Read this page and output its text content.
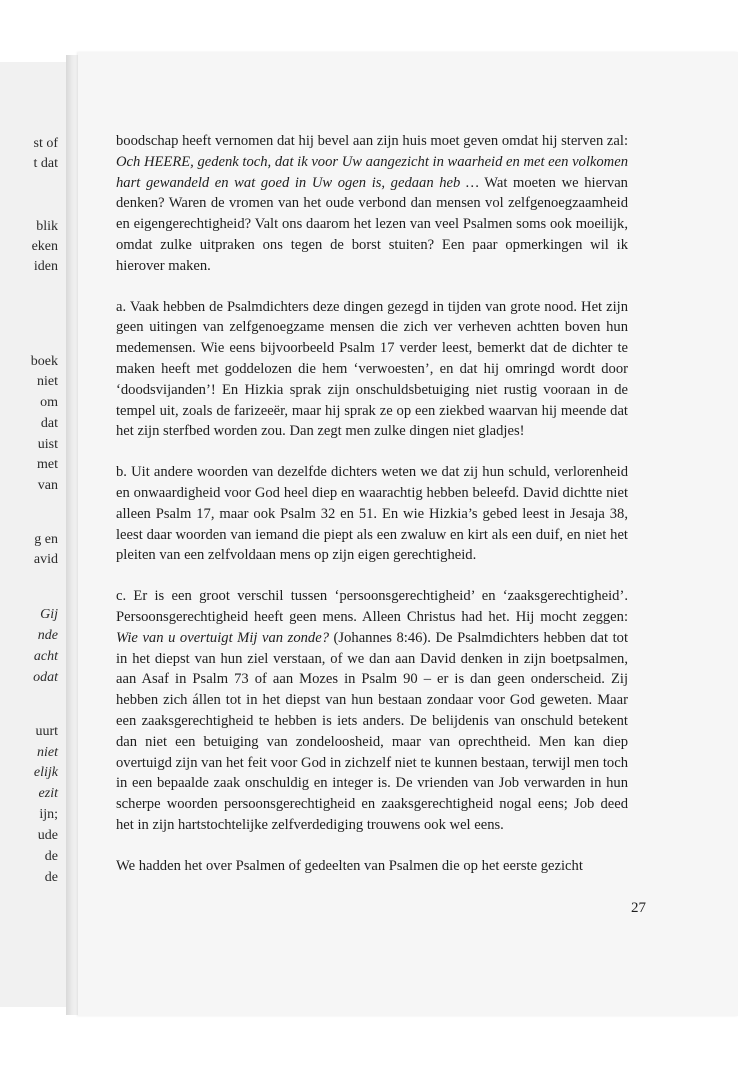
st of
t dat
blik
eken
iden
boek
niet
om
dat
uist
met
van
g en
avid
Gij
nde
acht
odat
uurt
niet
elijk
ezit
ijn;
ude
de
de

boodschap heeft vernomen dat hij bevel aan zijn huis moet geven omdat hij sterven zal: Och HEERE, gedenk toch, dat ik voor Uw aangezicht in waarheid en met een volkomen hart gewandeld en wat goed in Uw ogen is, gedaan heb … Wat moeten we hiervan denken? Waren de vromen van het oude verbond dan mensen vol zelfgenoegzaamheid en eigengerechtigheid? Valt ons daarom het lezen van veel Psalmen soms ook moeilijk, omdat zulke uitpraken ons tegen de borst stuiten? Een paar opmerkingen wil ik hierover maken.

a. Vaak hebben de Psalmdichters deze dingen gezegd in tijden van grote nood. Het zijn geen uitingen van zelfgenoegzame mensen die zich ver verheven achtten boven hun medemensen. Wie eens bijvoorbeeld Psalm 17 verder leest, bemerkt dat de dichter te maken heeft met goddelozen die hem ‘verwoesten’, en dat hij omringd wordt door ‘doodsvijanden’! En Hizkia sprak zijn onschuldsbetuiging niet rustig vooraan in de tempel uit, zoals de farizeeër, maar hij sprak ze op een ziekbed waarvan hij meende dat het zijn sterfbed worden zou. Dan zegt men zulke dingen niet gladjes!

b. Uit andere woorden van dezelfde dichters weten we dat zij hun schuld, verlorenheid en onwaardigheid voor God heel diep en waarachtig hebben beleefd. David dichtte niet alleen Psalm 17, maar ook Psalm 32 en 51. En wie Hizkia’s gebed leest in Jesaja 38, leest daar woorden van iemand die piept als een zwaluw en kirt als een duif, en niet het pleiten van een zelfvoldaan mens op zijn eigen gerechtigheid.

c. Er is een groot verschil tussen ‘persoonsgerechtigheid’ en ‘zaaksgerechtigheid’. Persoonsgerechtigheid heeft geen mens. Alleen Christus had het. Hij mocht zeggen: Wie van u overtuigt Mij van zonde? (Johannes 8:46). De Psalmdichters hebben dat tot in het diepst van hun ziel verstaan, of we dan aan David denken in zijn boetpsalmen, aan Asaf in Psalm 73 of aan Mozes in Psalm 90 – er is dan geen onderscheid. Zij hebben zich állen tot in het diepst van hun bestaan zondaar voor God geweten. Maar een zaaksgerechtigheid te hebben is iets anders. De belijdenis van onschuld betekent dan niet een betuiging van zondeloosheid, maar van oprechtheid. Men kan diep overtuigd zijn van het feit voor God in zichzelf niet te kunnen bestaan, terwijl men toch in een bepaalde zaak onschuldig en integer is. De vrienden van Job verwarden in hun scherpe woorden persoonsgerechtigheid en zaaksgerechtigheid nogal eens; Job deed het in zijn hartstochtelijke zelfverdediging trouwens ook wel eens.

We hadden het over Psalmen of gedeelten van Psalmen die op het eerste gezicht

27
